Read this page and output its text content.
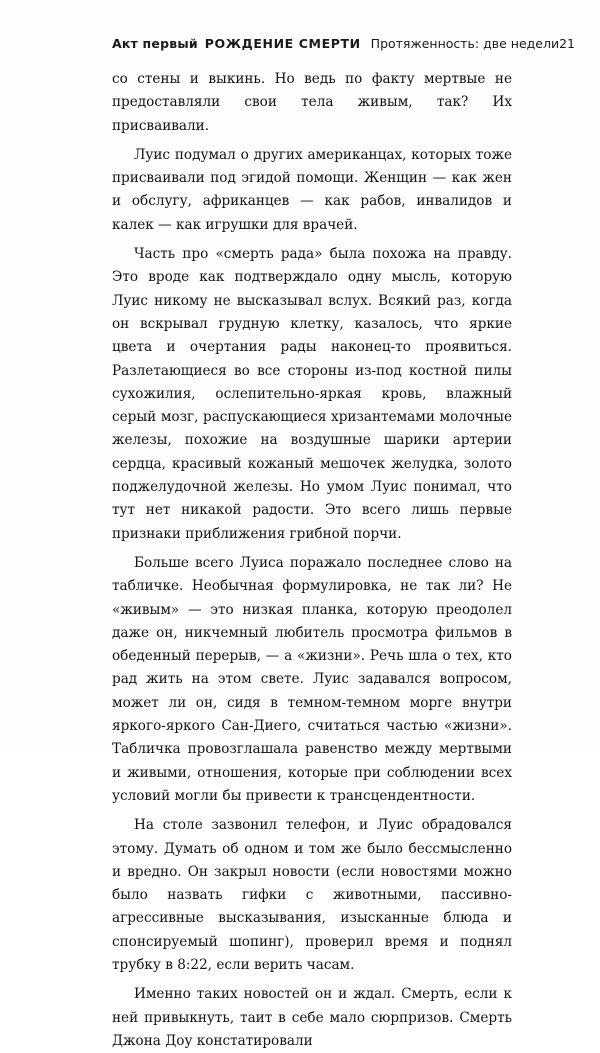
Акт первый РОЖДЕНИЕ СМЕРТИ Протяженность: две недели 21

со стены и выкинь. Но ведь по факту мертвые не предоставляли свои тела живым, так? Их присваивали.

Луис подумал о других американцах, которых тоже присваивали под эгидой помощи. Женщин — как жен и обслугу, африканцев — как рабов, инвалидов и калек — как игрушки для врачей.

Часть про «смерть рада» была похожа на правду. Это вроде как подтверждало одну мысль, которую Луис никому не высказывал вслух. Всякий раз, когда он вскрывал грудную клетку, казалось, что яркие цвета и очертания рады наконец-то проявиться. Разлетающиеся во все стороны из-под костной пилы сухожилия, ослепительно-яркая кровь, влажный серый мозг, распускающиеся хризантемами молочные железы, похожие на воздушные шарики артерии сердца, красивый кожаный мешочек желудка, золото поджелудочной железы. Но умом Луис понимал, что тут нет никакой радости. Это всего лишь первые признаки приближения грибной порчи.

Больше всего Луиса поражало последнее слово на табличке. Необычная формулировка, не так ли? Не «живым» — это низкая планка, которую преодолел даже он, никчемный любитель просмотра фильмов в обеденный перерыв, — а «жизни». Речь шла о тех, кто рад жить на этом свете. Луис задавался вопросом, может ли он, сидя в темном-темном морге внутри яркого-яркого Сан-Диего, считаться частью «жизни». Табличка провозглашала равенство между мертвыми и живыми, отношения, которые при соблюдении всех условий могли бы привести к трансцендентности.

На столе зазвонил телефон, и Луис обрадовался этому. Думать об одном и том же было бессмысленно и вредно. Он закрыл новости (если новостями можно было назвать гифки с животными, пассивно-агрессивные высказывания, изысканные блюда и спонсируемый шопинг), проверил время и поднял трубку в 8:22, если верить часам.

Именно таких новостей он и ждал. Смерть, если к ней привыкнуть, таит в себе мало сюрпризов. Смерть Джона Доу констатировали
